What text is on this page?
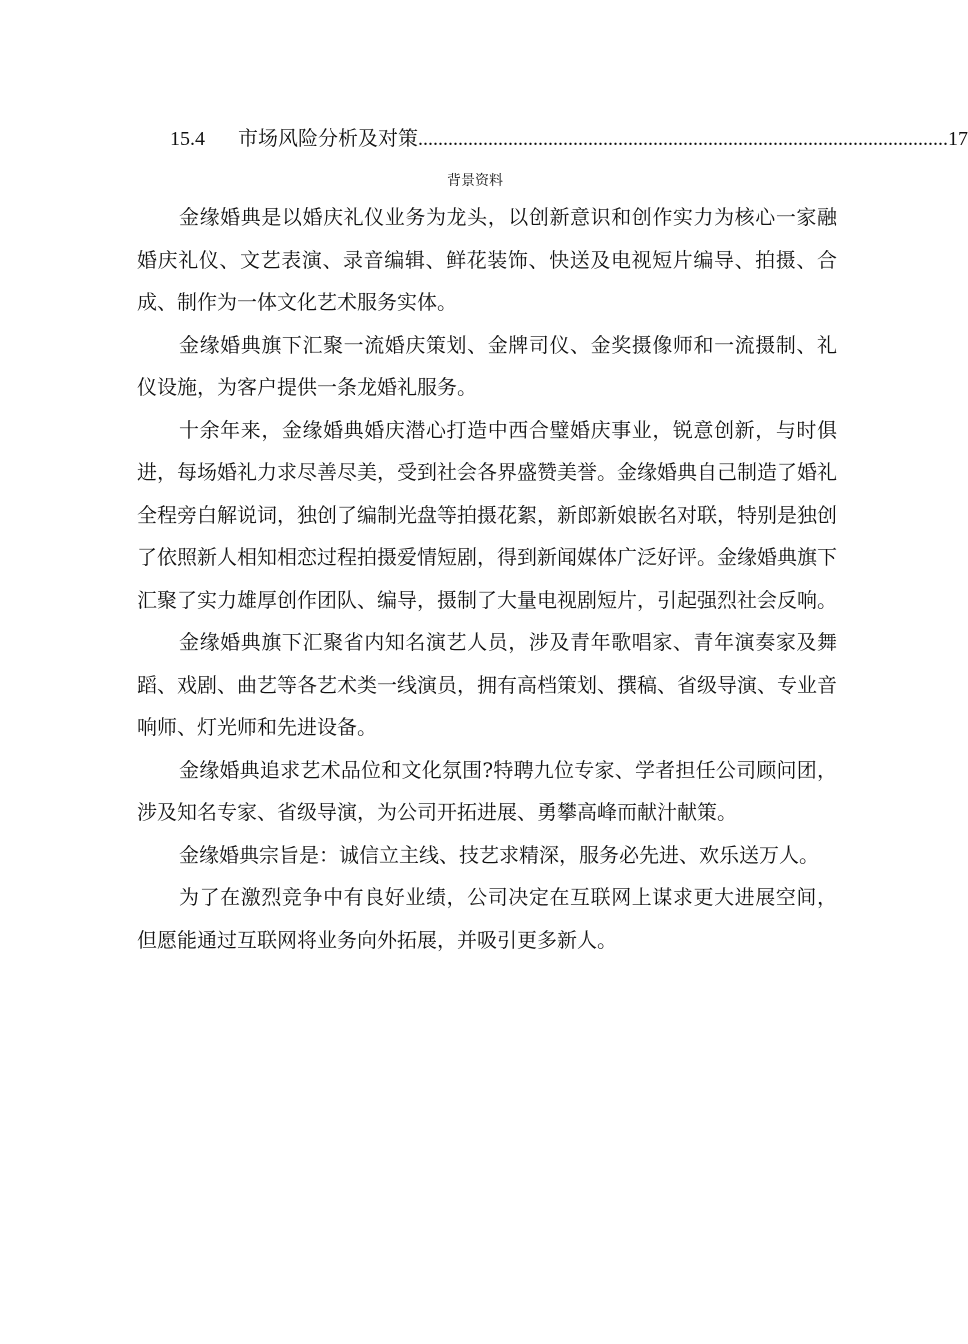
15.4	市场风险分析及对策 .......................................................................................................... 17
背景资料

金缘婚典是以婚庆礼仪业务为龙头，以创新意识和创作实力为核心一家融婚庆礼仪、文艺表演、录音编辑、鲜花装饰、快送及电视短片编导、拍摄、合成、制作为一体文化艺术服务实体。

金缘婚典旗下汇聚一流婚庆策划、金牌司仪、金奖摄像师和一流摄制、礼仪设施，为客户提供一条龙婚礼服务。

十余年来，金缘婚典婚庆潜心打造中西合璧婚庆事业，锐意创新，与时俱进，每场婚礼力求尽善尽美，受到社会各界盛赞美誉。金缘婚典自己制造了婚礼全程旁白解说词，独创了编制光盘等拍摄花絮，新郎新娘嵌名对联，特别是独创了依照新人相知相恋过程拍摄爱情短剧，得到新闻媒体广泛好评。金缘婚典旗下汇聚了实力雄厚创作团队、编导，摄制了大量电视剧短片，引起强烈社会反响。

金缘婚典旗下汇聚省内知名演艺人员，涉及青年歌唱家、青年演奏家及舞蹈、戏剧、曲艺等各艺术类一线演员，拥有高档策划、撰稿、省级导演、专业音响师、灯光师和先进设备。

金缘婚典追求艺术品位和文化氛围?特聘九位专家、学者担任公司顾问团，涉及知名专家、省级导演，为公司开拓进展、勇攀高峰而献汁献策。

金缘婚典宗旨是：诚信立主线、技艺求精深，服务必先进、欢乐送万人。

为了在激烈竞争中有良好业绩，公司决定在互联网上谋求更大进展空间，但愿能通过互联网将业务向外拓展，并吸引更多新人。
